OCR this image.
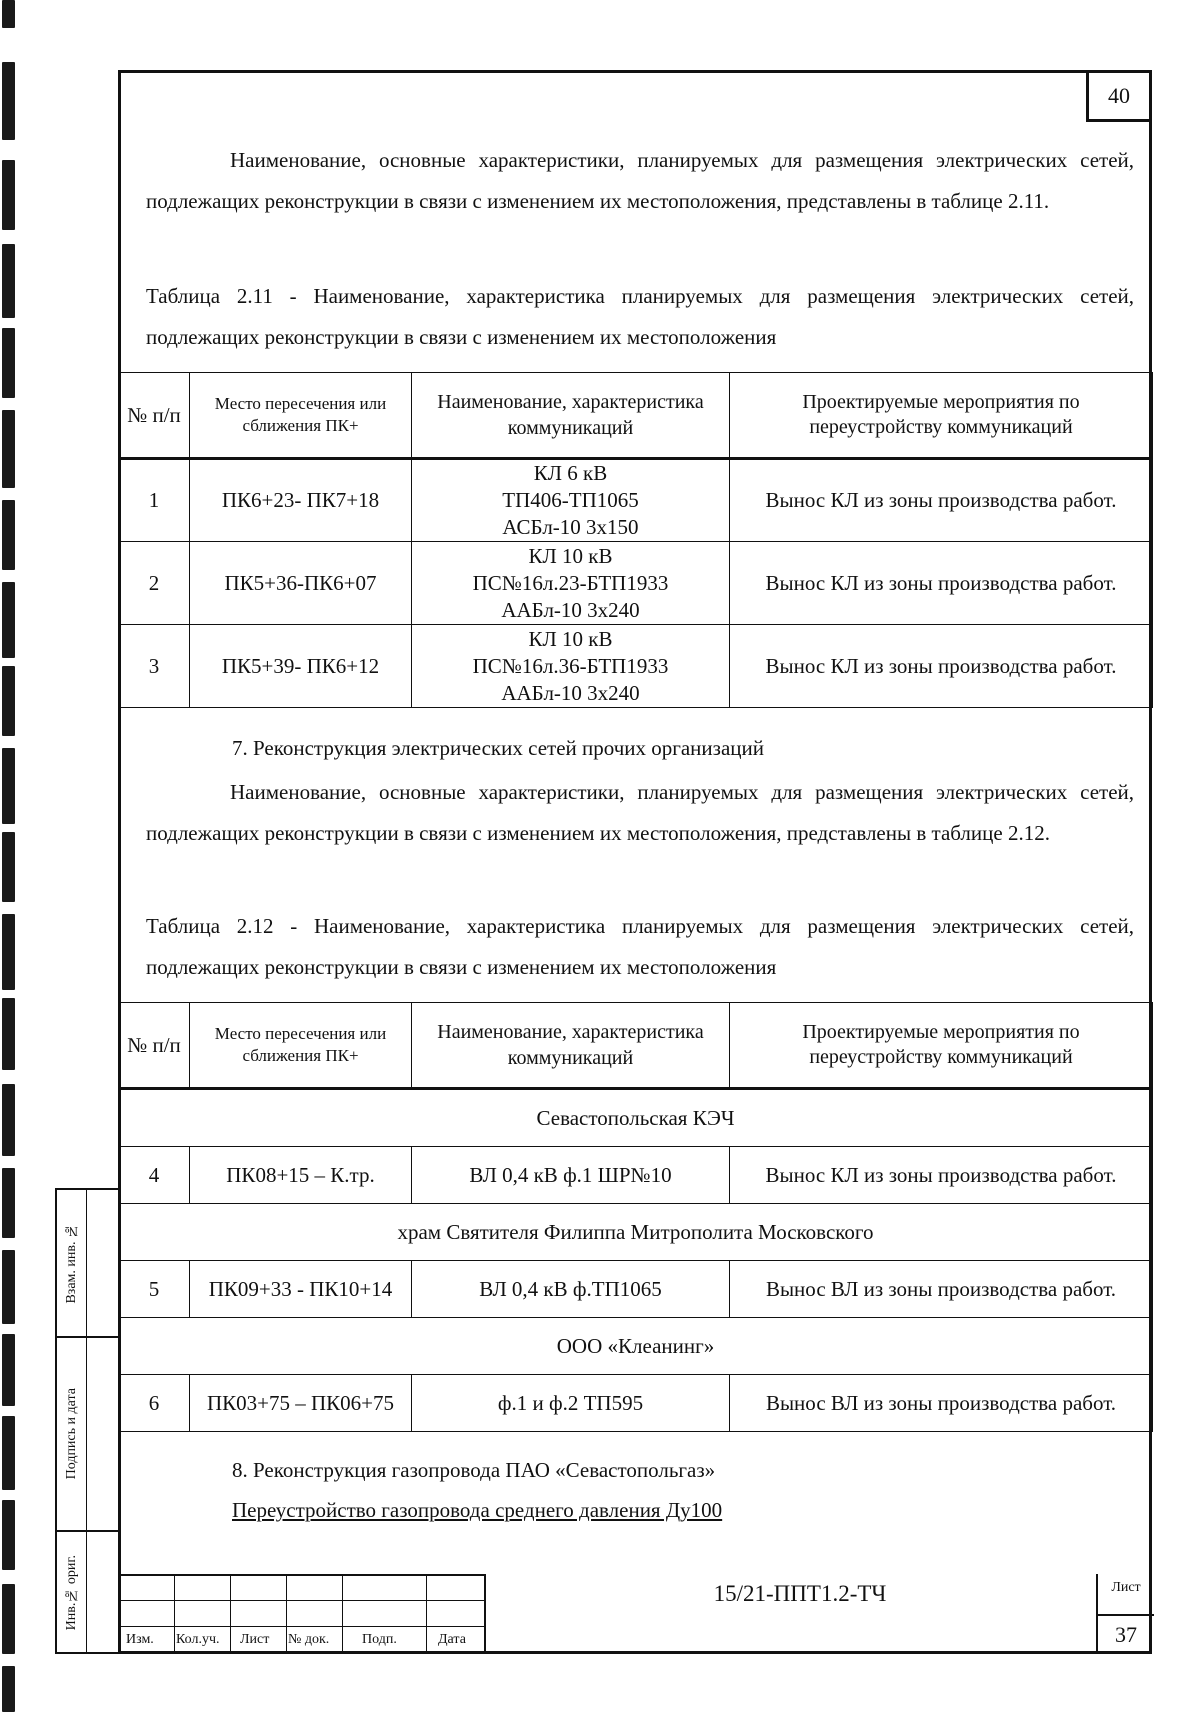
40

Наименование, основные характеристики, планируемых для размещения электрических сетей, подлежащих реконструкции в связи с изменением их местоположения, представлены в таблице 2.11.

Таблица 2.11 - Наименование, характеристика планируемых для размещения электрических сетей, подлежащих реконструкции в связи с изменением их местоположения

№ п/п	Место пересечения или сближения ПК+	Наименование, характеристика коммуникаций	Проектируемые мероприятия по переустройству коммуникаций
1	ПК6+23- ПК7+18	КЛ 6 кВ
ТП406-ТП1065
АСБл-10 3х150	Вынос КЛ из зоны производства работ.
2	ПК5+36-ПК6+07	КЛ 10 кВ
ПС№16л.23-БТП1933
ААБл-10 3х240	Вынос КЛ из зоны производства работ.
3	ПК5+39- ПК6+12	КЛ 10 кВ
ПС№16л.36-БТП1933
ААБл-10 3х240	Вынос КЛ из зоны производства работ.
7. Реконструкция электрических сетей прочих организаций

Наименование, основные характеристики, планируемых для размещения электрических сетей, подлежащих реконструкции в связи с изменением их местоположения, представлены в таблице 2.12.

Таблица 2.12 - Наименование, характеристика планируемых для размещения электрических сетей, подлежащих реконструкции в связи с изменением их местоположения

№ п/п	Место пересечения или сближения ПК+	Наименование, характеристика коммуникаций	Проектируемые мероприятия по переустройству коммуникаций
Севастопольская КЭЧ			
4	ПК08+15 – К.тр.	ВЛ 0,4 кВ ф.1 ШР№10	Вынос КЛ из зоны производства работ.
храм Святителя Филиппа Митрополита Московского			
5	ПК09+33 - ПК10+14	ВЛ 0,4 кВ ф.ТП1065	Вынос ВЛ из зоны производства работ.
ООО «Клеанинг»			
6	ПК03+75 – ПК06+75	ф.1 и ф.2 ТП595	Вынос ВЛ из зоны производства работ.
8. Реконструкция газопровода ПАО «Севастопольгаз»
Переустройство газопровода среднего давления Ду100
Взам. инв. №
Подпись и дата
Инв.№ ориг.
Изм. Кол.уч. Лист № док. Подп.	Дата
15/21-ППТ1.2-ТЧ	Лист
37
